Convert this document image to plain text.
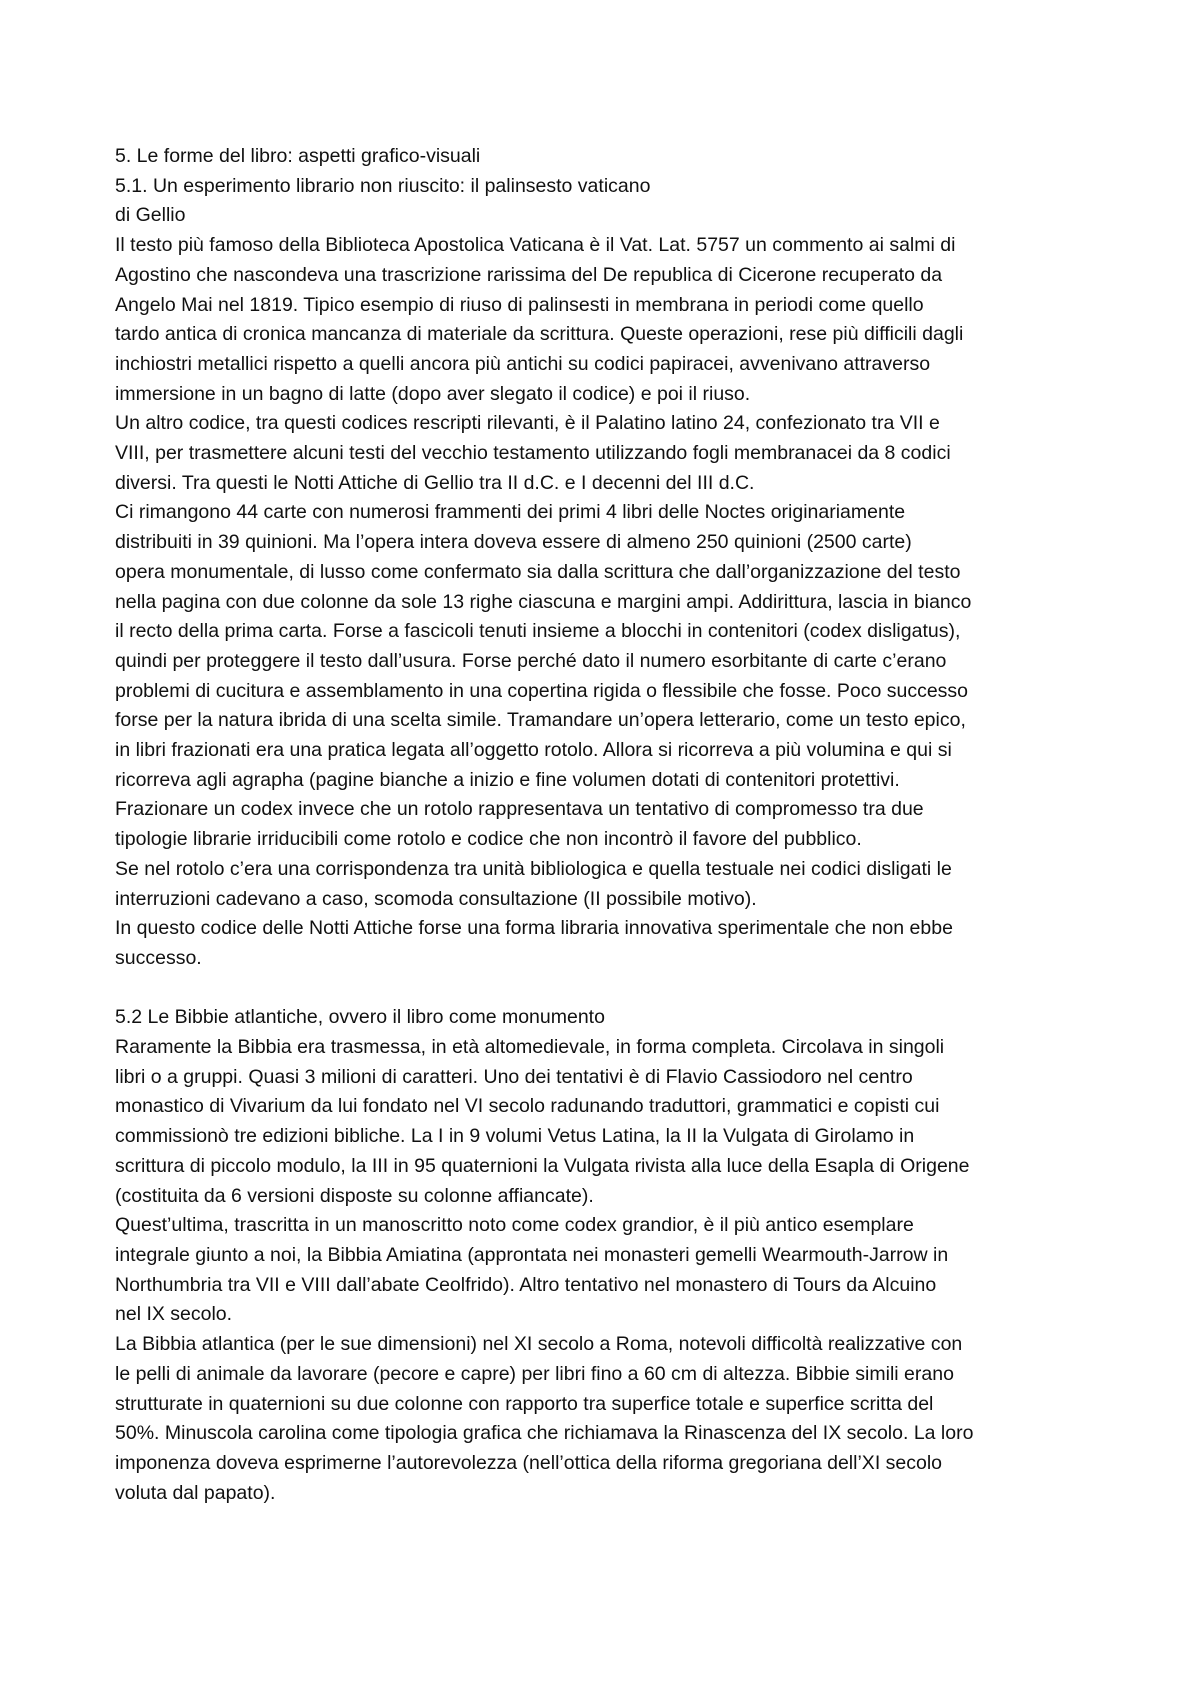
5. Le forme del libro: aspetti grafico-visuali
5.1. Un esperimento librario non riuscito: il palinsesto vaticano
di Gellio
Il testo più famoso della Biblioteca Apostolica Vaticana è il Vat. Lat. 5757 un commento ai salmi di
Agostino che nascondeva una trascrizione rarissima del De republica di Cicerone recuperato da
Angelo Mai nel 1819. Tipico esempio di riuso di palinsesti in membrana in periodi come quello
tardo antica di cronica mancanza di materiale da scrittura. Queste operazioni, rese più difficili dagli
inchiostri metallici rispetto a quelli ancora più antichi su codici papiracei, avvenivano attraverso
immersione in un bagno di latte (dopo aver slegato il codice) e poi il riuso.
Un altro codice, tra questi codices rescripti rilevanti, è il Palatino latino 24, confezionato tra VII e
VIII, per trasmettere alcuni testi del vecchio testamento utilizzando fogli membranacei da 8 codici
diversi. Tra questi le Notti Attiche di Gellio tra II d.C. e I decenni del III d.C.
Ci rimangono 44 carte con numerosi frammenti dei primi 4 libri delle Noctes originariamente
distribuiti in 39 quinioni. Ma l’opera intera doveva essere di almeno 250 quinioni (2500 carte)
opera monumentale, di lusso come confermato sia dalla scrittura che dall’organizzazione del testo
nella pagina con due colonne da sole 13 righe ciascuna e margini ampi. Addirittura, lascia in bianco
il recto della prima carta. Forse a fascicoli tenuti insieme a blocchi in contenitori (codex disligatus),
quindi per proteggere il testo dall’usura. Forse perché dato il numero esorbitante di carte c’erano
problemi di cucitura e assemblamento in una copertina rigida o flessibile che fosse. Poco successo
forse per la natura ibrida di una scelta simile. Tramandare un’opera letterario, come un testo epico,
in libri frazionati era una pratica legata all’oggetto rotolo. Allora si ricorreva a più volumina e qui si
ricorreva agli agrapha (pagine bianche a inizio e fine volumen dotati di contenitori protettivi.
Frazionare un codex invece che un rotolo rappresentava un tentativo di compromesso tra due
tipologie librarie irriducibili come rotolo e codice che non incontrò il favore del pubblico.
Se nel rotolo c’era una corrispondenza tra unità bibliologica e quella testuale nei codici disligati le
interruzioni cadevano a caso, scomoda consultazione (II possibile motivo).
In questo codice delle Notti Attiche forse una forma libraria innovativa sperimentale che non ebbe
successo.
5.2 Le Bibbie atlantiche, ovvero il libro come monumento
Raramente la Bibbia era trasmessa, in età altomedievale, in forma completa. Circolava in singoli
libri o a gruppi. Quasi 3 milioni di caratteri. Uno dei tentativi è di Flavio Cassiodoro nel centro
monastico di Vivarium da lui fondato nel VI secolo radunando traduttori, grammatici e copisti cui
commissionò tre edizioni bibliche. La I in 9 volumi Vetus Latina, la II la Vulgata di Girolamo in
scrittura di piccolo modulo, la III in 95 quaternioni la Vulgata rivista alla luce della Esapla di Origene
(costituita da 6 versioni disposte su colonne affiancate).
Quest’ultima, trascritta in un manoscritto noto come codex grandior, è il più antico esemplare
integrale giunto a noi, la Bibbia Amiatina (approntata nei monasteri gemelli Wearmouth-Jarrow in
Northumbria tra VII e VIII dall’abate Ceolfrido). Altro tentativo nel monastero di Tours da Alcuino
nel IX secolo.
La Bibbia atlantica (per le sue dimensioni) nel XI secolo a Roma, notevoli difficoltà realizzative con
le pelli di animale da lavorare (pecore e capre) per libri fino a 60 cm di altezza. Bibbie simili erano
strutturate in quaternioni su due colonne con rapporto tra superfice totale e superfice scritta del
50%. Minuscola carolina come tipologia grafica che richiamava la Rinascenza del IX secolo. La loro
imponenza doveva esprimerne l’autorevolezza (nell’ottica della riforma gregoriana dell’XI secolo
voluta dal papato).
